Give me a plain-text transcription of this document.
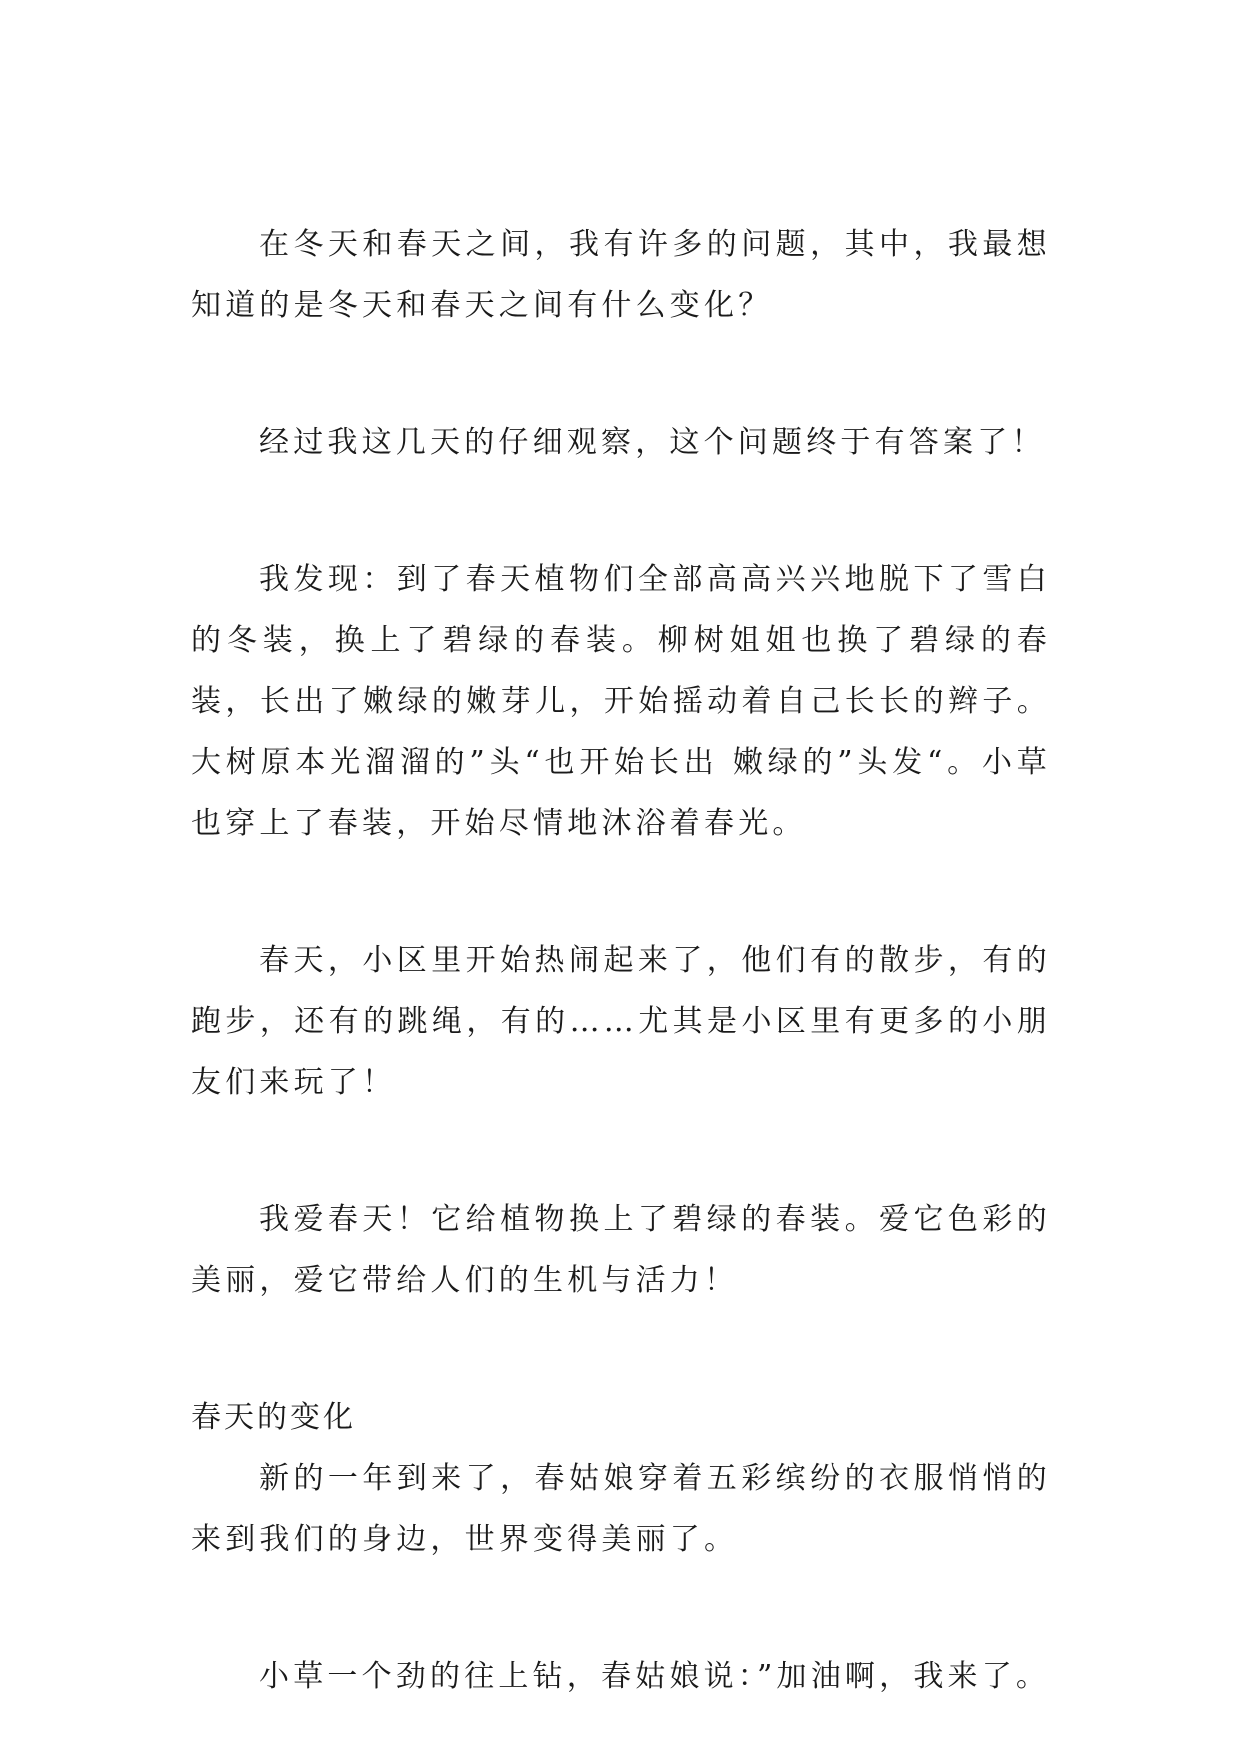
在冬天和春天之间，我有许多的问题，其中，我最想知道的是冬天和春天之间有什么变化？

经过我这几天的仔细观察，这个问题终于有答案了！

我发现：到了春天植物们全部高高兴兴地脱下了雪白的冬装，换上了碧绿的春装。柳树姐姐也换了碧绿的春装，长出了嫩绿的嫩芽儿，开始摇动着自己长长的辫子。大树原本光溜溜的”头“也开始长出 嫩绿的”头发“。小草也穿上了春装，开始尽情地沐浴着春光。

春天，小区里开始热闹起来了，他们有的散步，有的跑步，还有的跳绳，有的……尤其是小区里有更多的小朋友们来玩了！

我爱春天！它给植物换上了碧绿的春装。爱它色彩的美丽，爱它带给人们的生机与活力！

春天的变化

新的一年到来了，春姑娘穿着五彩缤纷的衣服悄悄的来到我们的身边，世界变得美丽了。

小草一个劲的往上钻，春姑娘说：”加油啊，我来了。
